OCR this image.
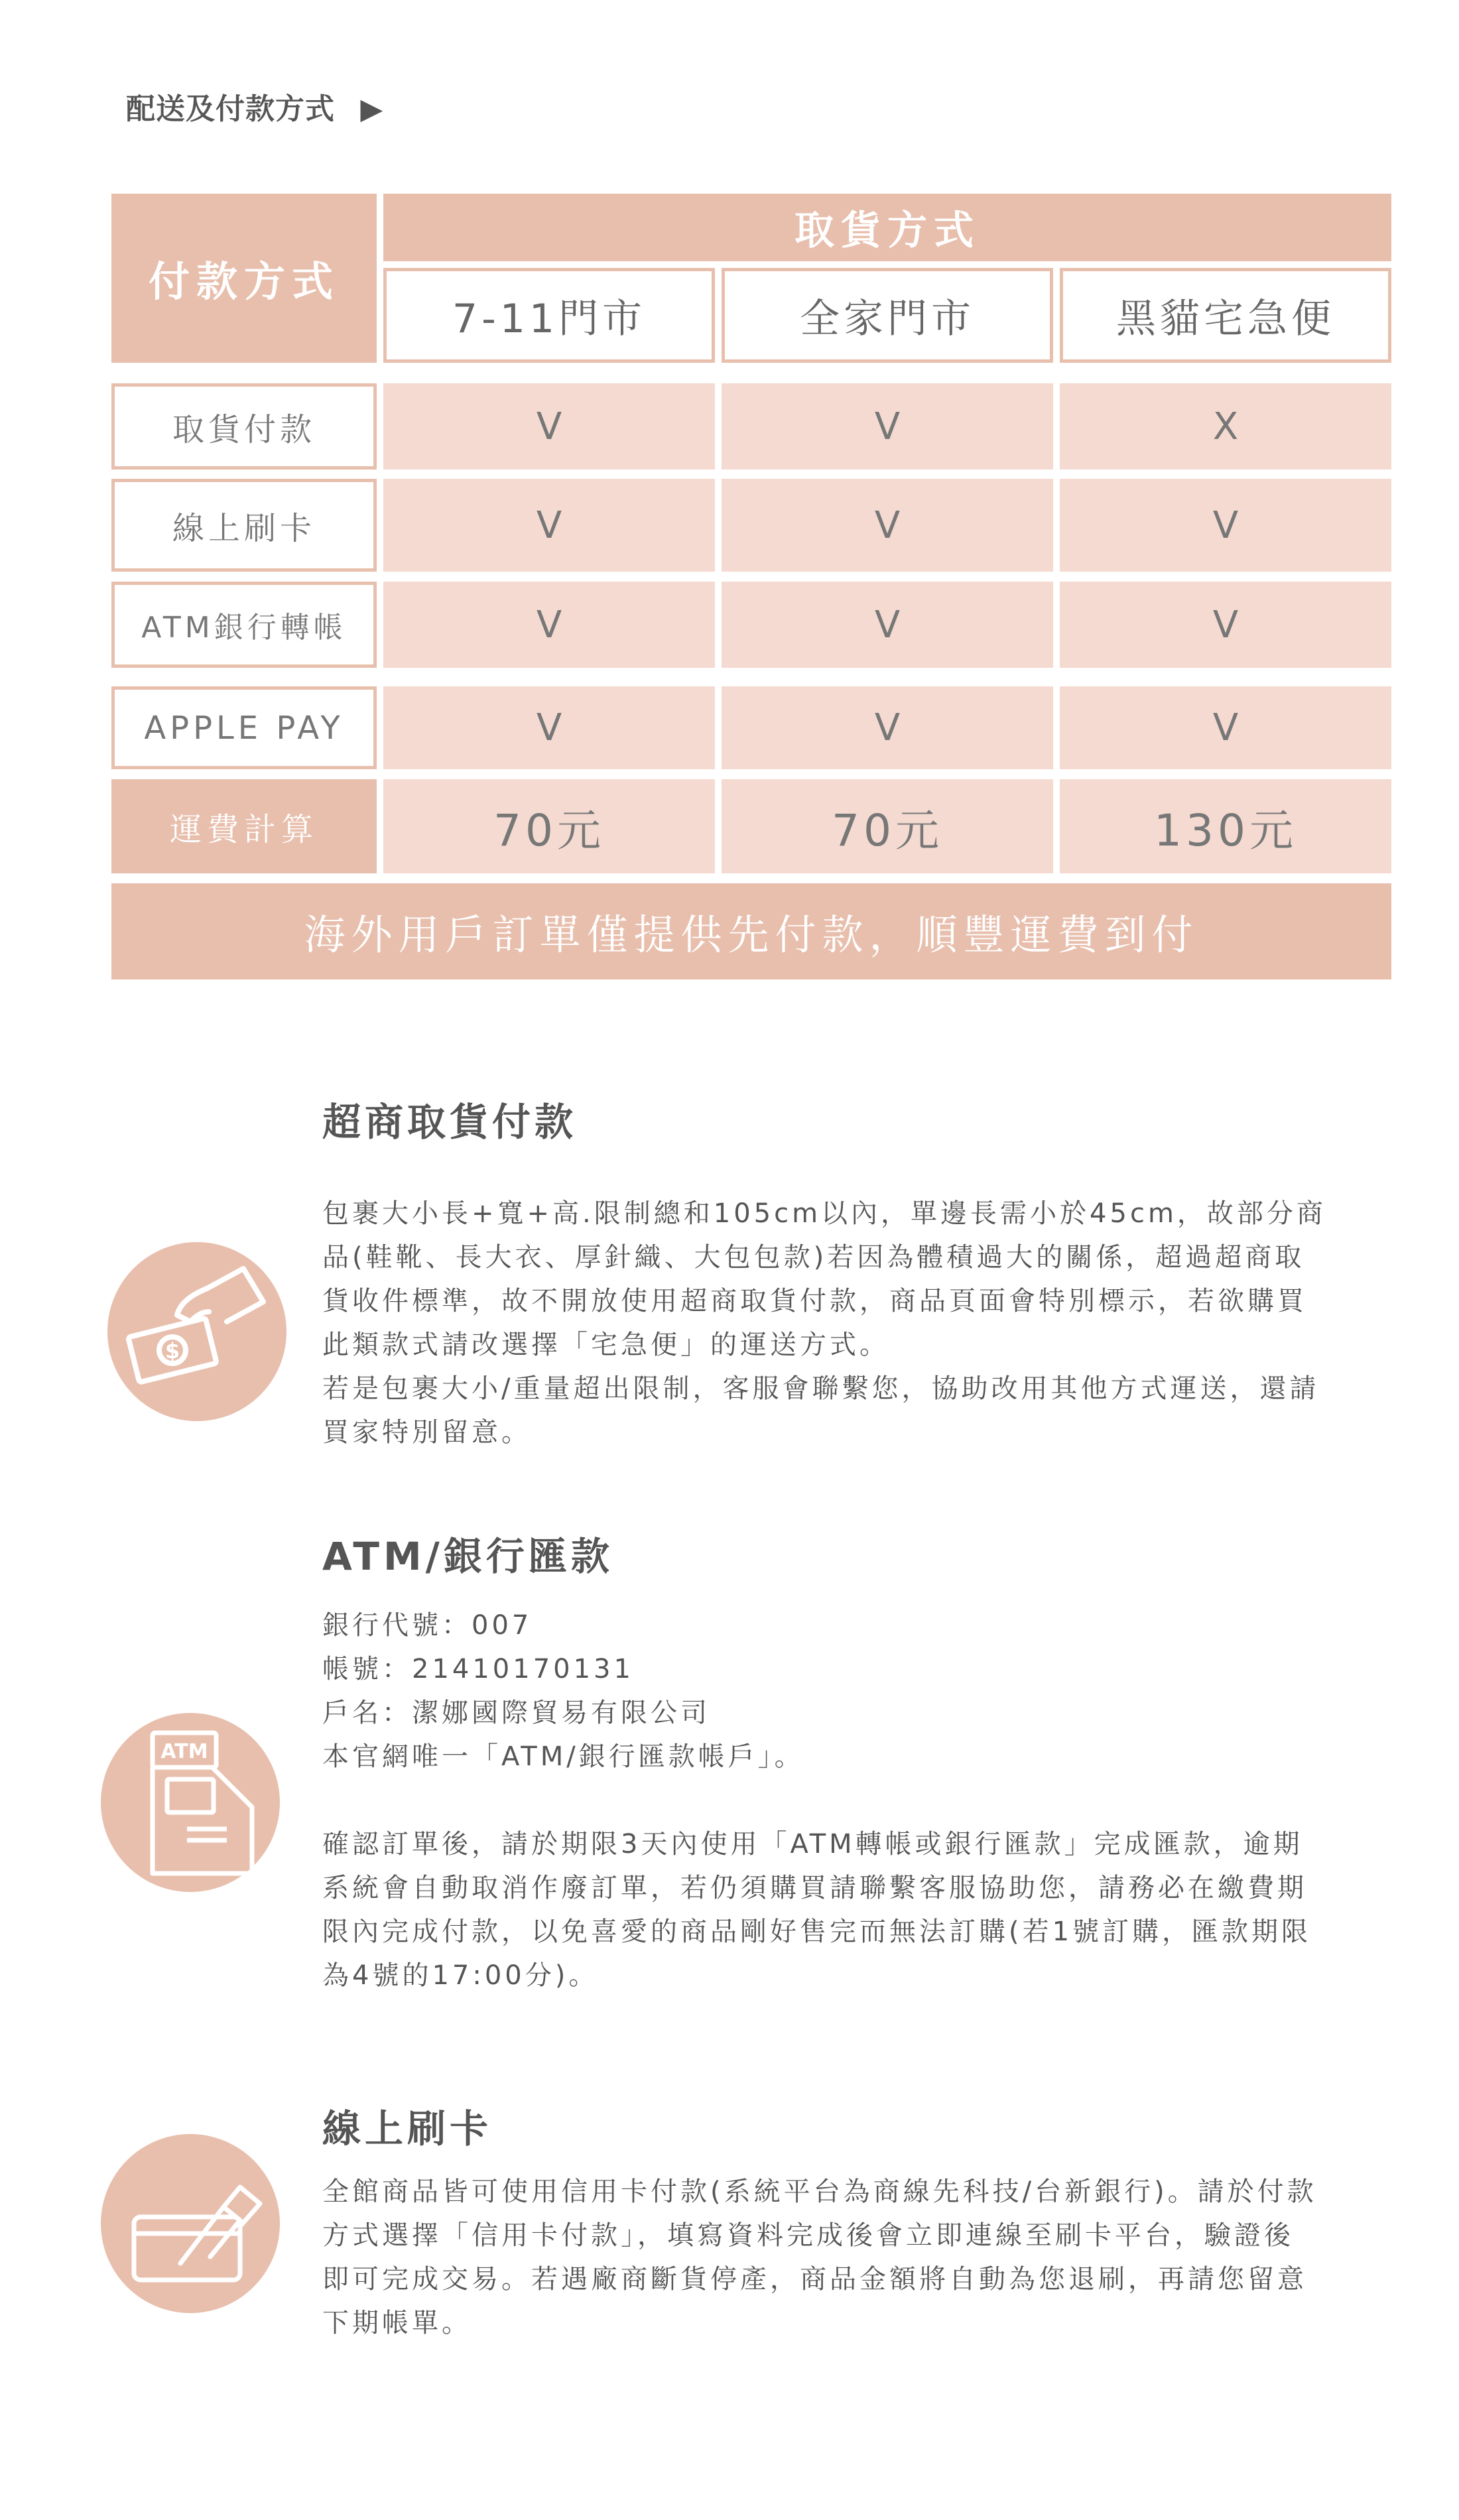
配送及付款方式 ▶
付款方式
取貨方式
7-11門市	全家門市	黑貓宅急便
取貨付款	V	V	X
線上刷卡	V	V	V
ATM銀行轉帳	V	V	V
APPLE PAY	V	V	V
運費計算	70元	70元	130元
海外用戶訂單僅提供先付款，順豐運費到付
$
超商取貨付款
包裹大小長+寬+高.限制總和105cm以內，單邊長需小於45cm，故部分商
品(鞋靴、長大衣、厚針織、大包包款)若因為體積過大的關係，超過超商取
貨收件標準，故不開放使用超商取貨付款，商品頁面會特別標示，若欲購買
此類款式請改選擇「宅急便」的運送方式。
若是包裹大小/重量超出限制，客服會聯繫您，協助改用其他方式運送，還請
買家特別留意。
ATM
ATM/銀行匯款
銀行代號：007
帳號：21410170131
戶名：潔娜國際貿易有限公司
本官網唯一「ATM/銀行匯款帳戶」。
確認訂單後，請於期限3天內使用「ATM轉帳或銀行匯款」完成匯款，逾期
系統會自動取消作廢訂單，若仍須購買請聯繫客服協助您，請務必在繳費期
限內完成付款，以免喜愛的商品剛好售完而無法訂購(若1號訂購，匯款期限
為4號的17:00分)。
線上刷卡
全館商品皆可使用信用卡付款(系統平台為商線先科技/台新銀行)。請於付款
方式選擇「信用卡付款」，填寫資料完成後會立即連線至刷卡平台，驗證後
即可完成交易。若遇廠商斷貨停產，商品金額將自動為您退刷，再請您留意
下期帳單。
